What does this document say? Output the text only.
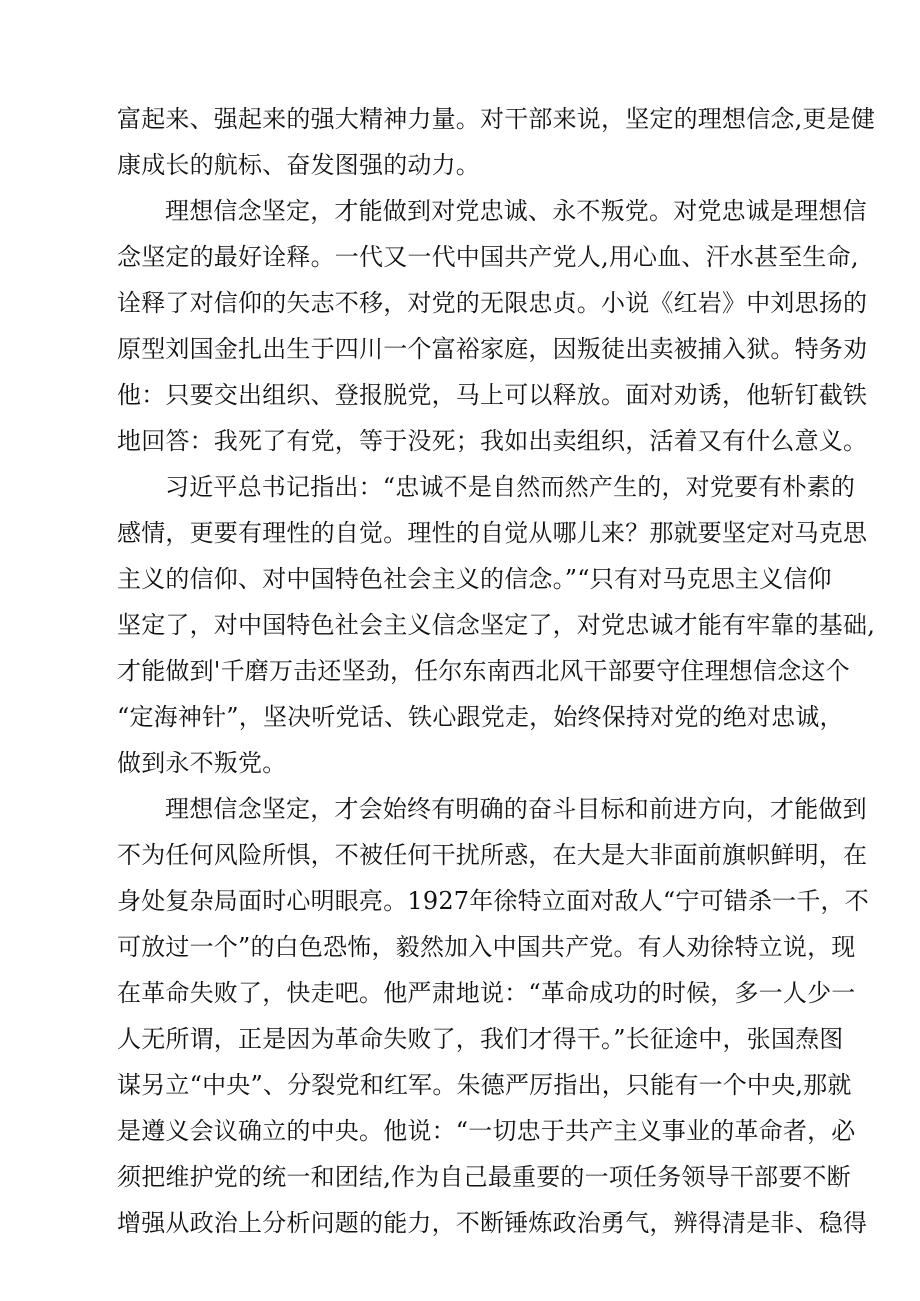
富起来、强起来的强大精神力量。对干部来说，坚定的理想信念,更是健
康成长的航标、奋发图强的动力。
理想信念坚定，才能做到对党忠诚、永不叛党。对党忠诚是理想信
念坚定的最好诠释。一代又一代中国共产党人,用心血、汗水甚至生命,
诠释了对信仰的矢志不移，对党的无限忠贞。小说《红岩》中刘思扬的
原型刘国金扎出生于四川一个富裕家庭，因叛徒出卖被捕入狱。特务劝
他：只要交出组织、登报脱党，马上可以释放。面对劝诱，他斩钉截铁
地回答：我死了有党，等于没死；我如出卖组织，活着又有什么意义。
习近平总书记指出：“忠诚不是自然而然产生的，对党要有朴素的
感情，更要有理性的自觉。理性的自觉从哪儿来？那就要坚定对马克思
主义的信仰、对中国特色社会主义的信念。”“只有对马克思主义信仰
坚定了，对中国特色社会主义信念坚定了，对党忠诚才能有牢靠的基础,
才能做到'千磨万击还坚劲，任尔东南西北风干部要守住理想信念这个
“定海神针”，坚决听党话、铁心跟党走，始终保持对党的绝对忠诚，
做到永不叛党。
理想信念坚定，才会始终有明确的奋斗目标和前进方向，才能做到
不为任何风险所惧，不被任何干扰所惑，在大是大非面前旗帜鲜明，在
身处复杂局面时心明眼亮。1927年徐特立面对敌人“宁可错杀一千，不
可放过一个”的白色恐怖，毅然加入中国共产党。有人劝徐特立说，现
在革命失败了，快走吧。他严肃地说：“革命成功的时候，多一人少一
人无所谓，正是因为革命失败了，我们才得干。”长征途中，张国焘图
谋另立“中央”、分裂党和红军。朱德严厉指出，只能有一个中央,那就
是遵义会议确立的中央。他说：“一切忠于共产主义事业的革命者，必
须把维护党的统一和团结,作为自己最重要的一项任务领导干部要不断
增强从政治上分析问题的能力，不断锤炼政治勇气，辨得清是非、稳得
